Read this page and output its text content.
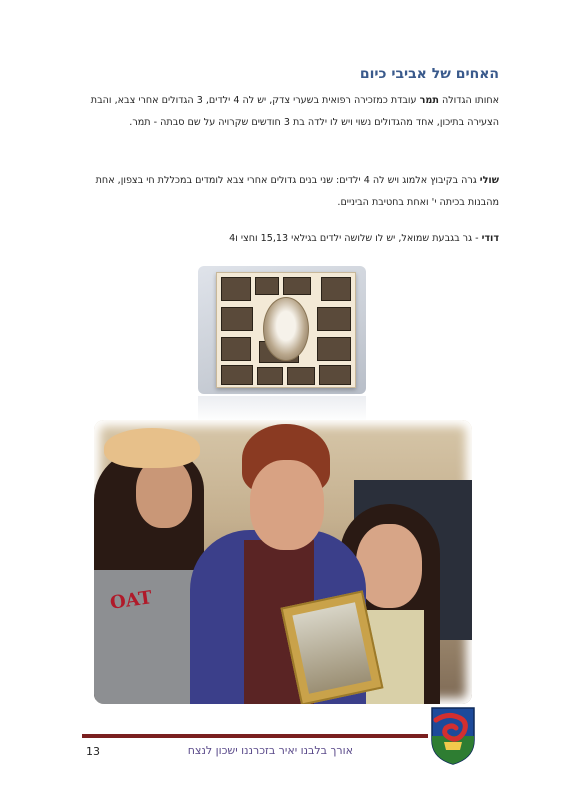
האחים של אביבי כיום
אחותו הגדולה תמר עובדת כמזכירה רפואית בשערי צדק, יש לה 4 ילדים, 3 הגדולים אחרי צבא, והבת הצעירה בתיכון, אחד מהגדולים נשוי ויש לו ילדה בת 3 חודשים שקרויה על שם סבתה - תמר.
שולי גרה בקיבוץ אלמוג ויש לה 4 ילדים: שני בנים גדולים אחרי צבא לומדים במכללת חי בצפון, אחת מהבנות בכיתה י' ואחת בחטיבת הביניים.
דודי - גר בגבעת שמואל, יש לו שלושה ילדים בגילאי 15,13 וחצי ו4
OAT
13	אורך בלבנו יאיר בזכרננו ישכון לנצח
